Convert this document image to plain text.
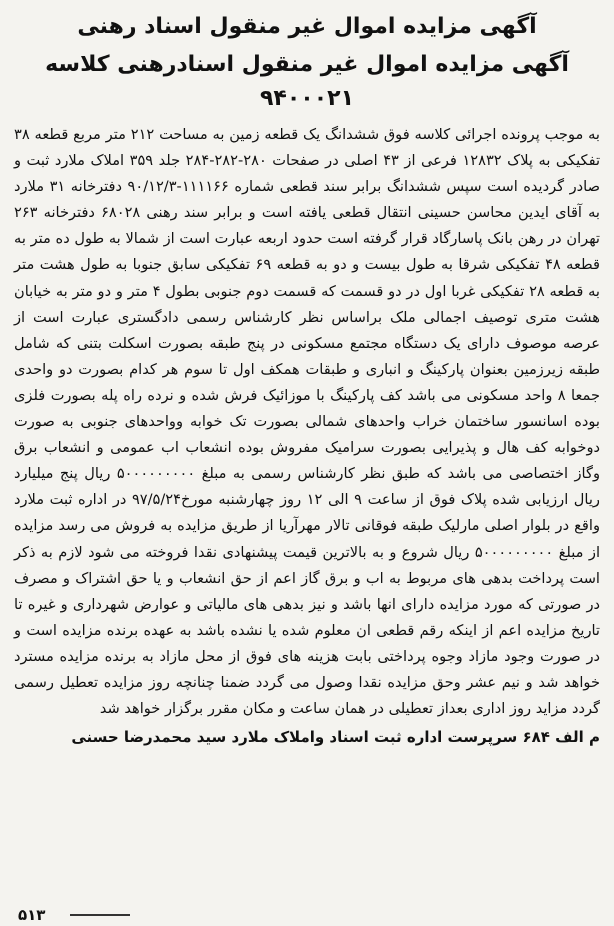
آگهی مزایده اموال غیر منقول اسناد رهنی
آگهی مزایده اموال غیر منقول اسنادرهنی کلاسه ۹۴۰۰۰۲۱

به موجب پرونده اجرائی کلاسه فوق ششدانگ یک قطعه زمین به مساحت ۲۱۲ متر مربع قطعه ۳۸ تفکیکی به پلاک ۱۲۸۳۲ فرعی از ۴۳ اصلی در صفحات ۲۸۰-۲۸۲-۲۸۴ جلد ۳۵۹ املاک ملارد ثبت و صادر گردیده است سپس ششدانگ برابر سند قطعی شماره ۱۱۱۱۶۶-۹۰/۱۲/۳ دفترخانه ۳۱ ملارد به آقای ایدین محاسن حسینی انتقال قطعی یافته است و برابر سند رهنی ۶۸۰۲۸ دفترخانه ۲۶۳ تهران در رهن بانک پاسارگاد قرار گرفته است حدود اربعه عبارت است از شمالا به طول ده متر به قطعه ۴۸ تفکیکی شرقا به طول بیست و دو به قطعه ۶۹ تفکیکی سابق جنوبا به طول هشت متر به قطعه ۲۸ تفکیکی غربا اول در دو قسمت که قسمت دوم جنوبی بطول ۴ متر و دو متر به خیابان هشت متری توصیف اجمالی ملک براساس نظر کارشناس رسمی دادگستری عبارت است از عرصه موصوف دارای یک دستگاه مجتمع مسکونی در پنج طبقه بصورت اسکلت بتنی که شامل طبقه زیرزمین بعنوان پارکینگ و انباری و طبقات همکف اول تا سوم هر کدام بصورت دو واحدی جمعا ۸ واحد مسکونی می باشد کف پارکینگ با موزائیک فرش شده و نرده راه پله بصورت فلزی بوده اسانسور ساختمان خراب واحدهای شمالی بصورت تک خوابه وواحدهای جنوبی به صورت دوخوابه کف هال و پذیرایی بصورت سرامیک مفروش بوده انشعاب اب عمومی و انشعاب برق وگاز اختصاصی می باشد که طبق نظر کارشناس رسمی به مبلغ ۵۰۰۰۰۰۰۰۰۰ ریال پنج میلیارد ریال ارزیابی شده پلاک فوق از ساعت ۹ الی ۱۲ روز چهارشنبه مورخ۹۷/۵/۲۴ در اداره ثبت ملارد واقع در بلوار اصلی مارلیک طبقه فوقانی تالار مهرآریا از طریق مزایده به فروش می رسد مزایده از مبلغ ۵۰۰۰۰۰۰۰۰۰ ریال شروع و به بالاترین قیمت پیشنهادی نقدا فروخته می شود لازم به ذکر است پرداخت بدهی های مربوط به اب و برق گاز اعم از حق انشعاب و یا حق اشتراک و مصرف در صورتی که مورد مزایده دارای انها باشد و نیز بدهی های مالیاتی و عوارض شهرداری و غیره تا تاریخ مزایده اعم از اینکه رقم قطعی ان معلوم شده یا نشده باشد به عهده برنده مزایده است و در صورت وجود مازاد وجوه پرداختی بابت هزینه های فوق از محل مازاد به برنده مزایده مسترد خواهد شد و نیم عشر وحق مزایده نقدا وصول می گردد ضمنا چنانچه روز مزایده تعطیل رسمی گردد مزاید روز اداری بعداز تعطیلی در همان ساعت و مکان مقرر برگزار خواهد شد

م الف ۶۸۴ سرپرست اداره ثبت اسناد واملاک ملارد سید محمدرضا حسنی
۵۱۳
